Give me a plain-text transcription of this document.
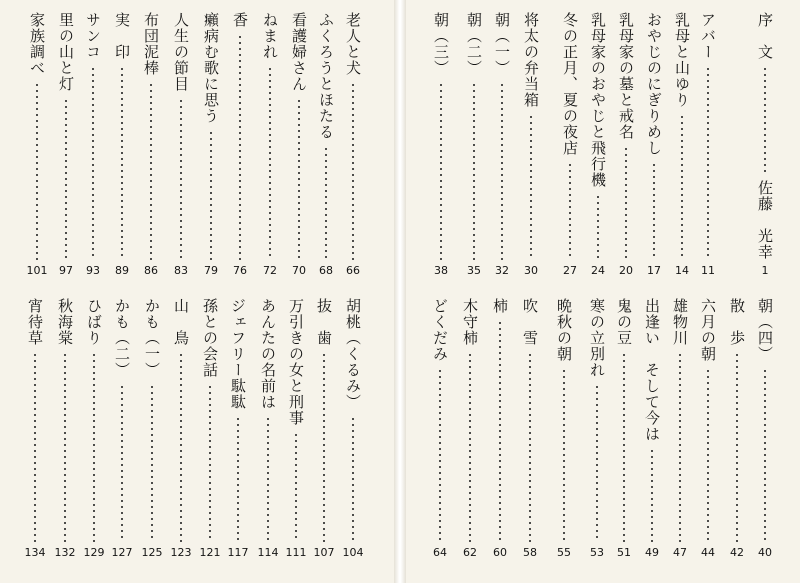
老人と犬
66
ふくろうとほたる
68
看護婦さん
70
ねまれ
72
香
76
癩病む歌に思う
79
人生の節目
83
布団泥棒
86
実　印
89
サンコ
93
里の山と灯
97
家族調べ
101
胡桃（くるみ）
104
抜　歯
107
万引きの女と刑事
111
あんたの名前は
114
ジェフリー駄駄
117
孫との会話
121
山　鳥
123
かも（一）
125
かも（二）
127
ひばり
129
秋海棠
132
宵待草
134
序　文
佐藤　光幸
1
アバー
11
乳母と山ゆり
14
おやじのにぎりめし
17
乳母家の墓と戒名
20
乳母家のおやじと飛行機
24
冬の正月、夏の夜店
27
将太の弁当箱
30
朝（一）
32
朝（二）
35
朝（三）
38
朝（四）
40
散　歩
42
六月の朝
44
雄物川
47
出逢い　そして今は
49
鬼の豆
51
寒の立別れ
53
晩秋の朝
55
吹　雪
58
柿
60
木守柿
62
どくだみ
64
